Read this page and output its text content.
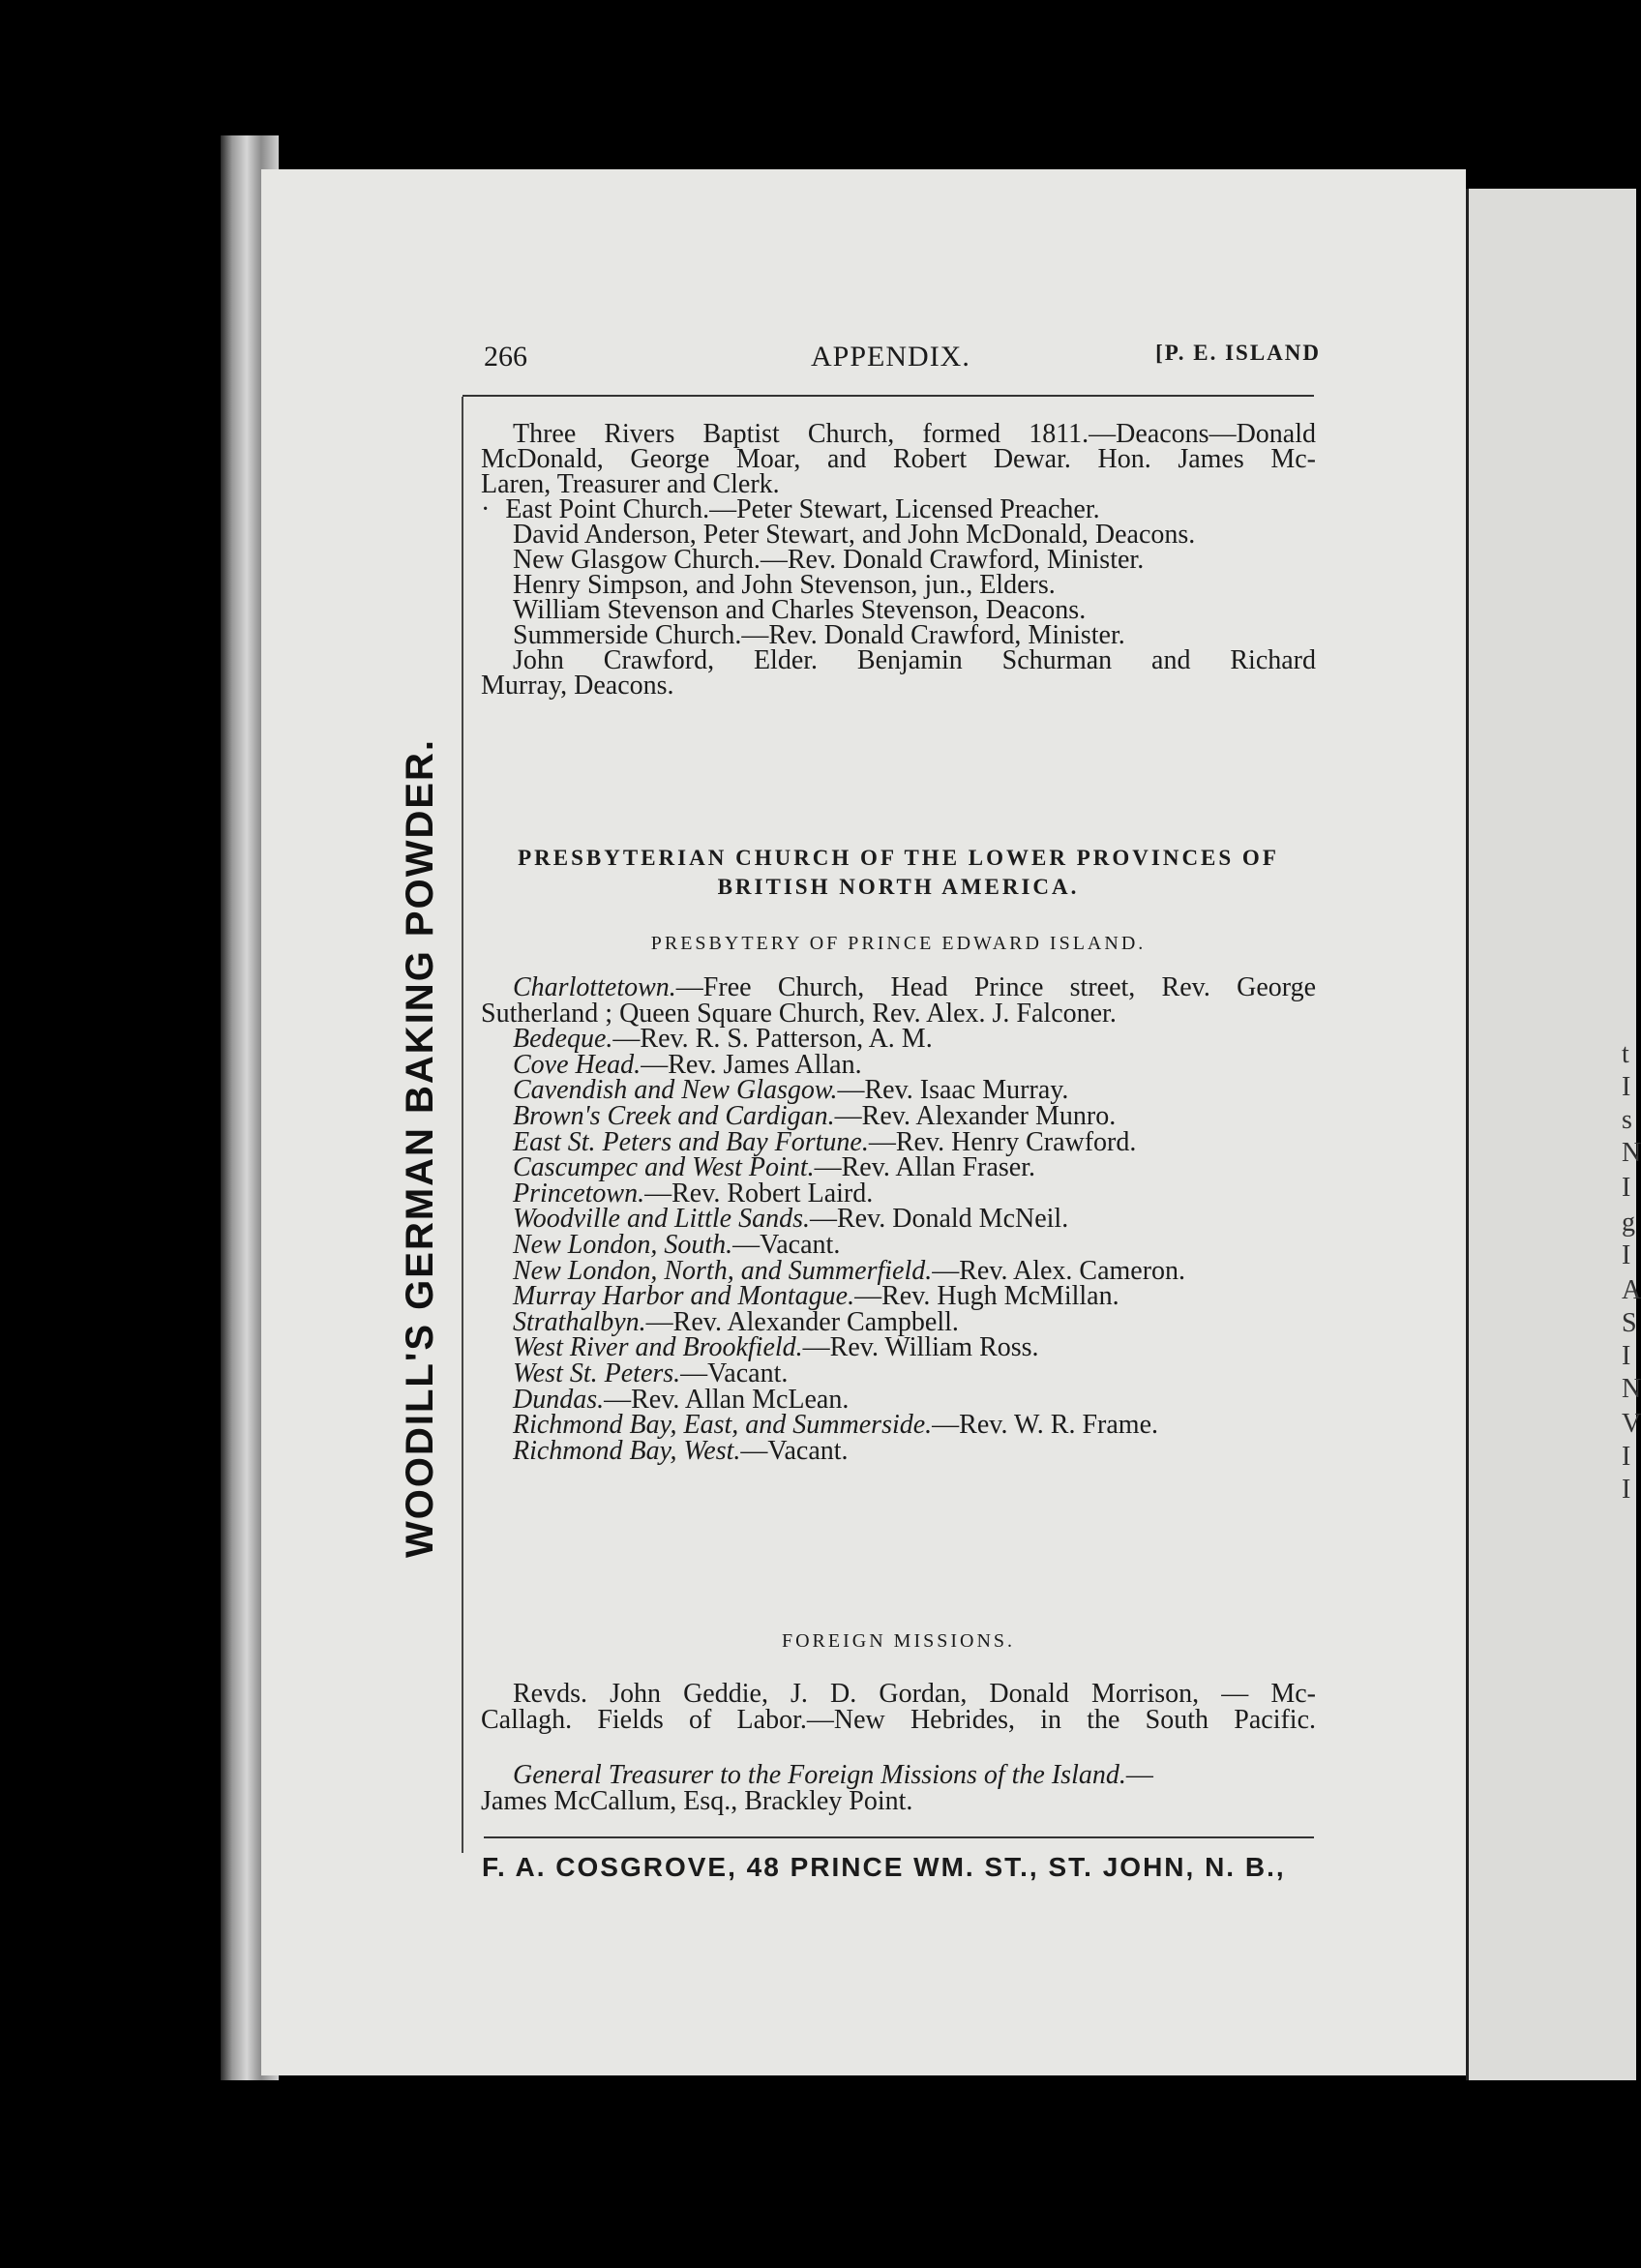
t
I
s
N
I
g
I
A
S
I
N
V
I
I
266	APPENDIX.	[P. E. ISLAND
WOODILL'S GERMAN BAKING POWDER.
Three Rivers Baptist Church, formed 1811.—Deacons—Donald
McDonald, George Moar, and Robert Dewar. Hon. James Mc-
Laren, Treasurer and Clerk.
· East Point Church.—Peter Stewart, Licensed Preacher.
David Anderson, Peter Stewart, and John McDonald, Deacons.
New Glasgow Church.—Rev. Donald Crawford, Minister.
Henry Simpson, and John Stevenson, jun., Elders.
William Stevenson and Charles Stevenson, Deacons.
Summerside Church.—Rev. Donald Crawford, Minister.
John Crawford, Elder. Benjamin Schurman and Richard
Murray, Deacons.
PRESBYTERIAN CHURCH OF THE LOWER PROVINCES OF
BRITISH NORTH AMERICA.
PRESBYTERY OF PRINCE EDWARD ISLAND.
Charlottetown.—Free Church, Head Prince street, Rev. George
Sutherland ; Queen Square Church, Rev. Alex. J. Falconer.
Bedeque.—Rev. R. S. Patterson, A. M.
Cove Head.—Rev. James Allan.
Cavendish and New Glasgow.—Rev. Isaac Murray.
Brown's Creek and Cardigan.—Rev. Alexander Munro.
East St. Peters and Bay Fortune.—Rev. Henry Crawford.
Cascumpec and West Point.—Rev. Allan Fraser.
Princetown.—Rev. Robert Laird.
Woodville and Little Sands.—Rev. Donald McNeil.
New London, South.—Vacant.
New London, North, and Summerfield.—Rev. Alex. Cameron.
Murray Harbor and Montague.—Rev. Hugh McMillan.
Strathalbyn.—Rev. Alexander Campbell.
West River and Brookfield.—Rev. William Ross.
West St. Peters.—Vacant.
Dundas.—Rev. Allan McLean.
Richmond Bay, East, and Summerside.—Rev. W. R. Frame.
Richmond Bay, West.—Vacant.
FOREIGN MISSIONS.
Revds. John Geddie, J. D. Gordan, Donald Morrison, — Mc-
Callagh. Fields of Labor.—New Hebrides, in the South Pacific.
General Treasurer to the Foreign Missions of the Island.—
James McCallum, Esq., Brackley Point.
F. A. COSGROVE, 48 PRINCE WM. ST., ST. JOHN, N. B.,
